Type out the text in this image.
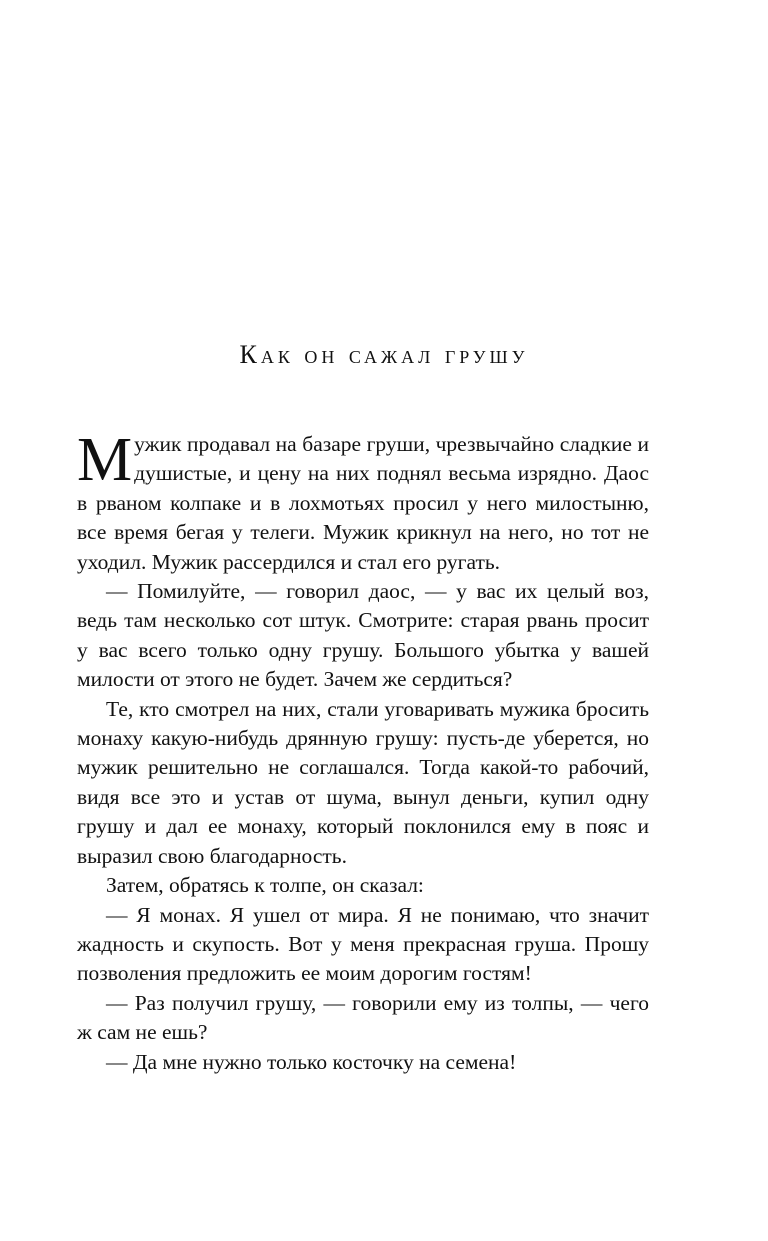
Как он сажал грушу

Мужик продавал на базаре груши, чрезвычайно сладкие и душистые, и цену на них поднял весьма изрядно. Даос в рваном колпаке и в лохмотьях просил у него милостыню, все время бегая у телеги. Мужик крикнул на него, но тот не уходил. Мужик рассердился и стал его ругать.

— Помилуйте, — говорил даос, — у вас их целый воз, ведь там несколько сот штук. Смотрите: старая рвань просит у вас всего только одну грушу. Большого убытка у вашей милости от этого не будет. Зачем же сердиться?

Те, кто смотрел на них, стали уговаривать мужика бросить монаху какую-нибудь дрянную грушу: пусть-де уберется, но мужик решительно не соглашался. Тогда какой-то рабочий, видя все это и устав от шума, вынул деньги, купил одну грушу и дал ее монаху, который поклонился ему в пояс и выразил свою благодарность.

Затем, обратясь к толпе, он сказал:

— Я монах. Я ушел от мира. Я не понимаю, что значит жадность и скупость. Вот у меня прекрасная груша. Прошу позволения предложить ее моим дорогим гостям!

— Раз получил грушу, — говорили ему из толпы, — чего ж сам не ешь?

— Да мне нужно только косточку на семена!
